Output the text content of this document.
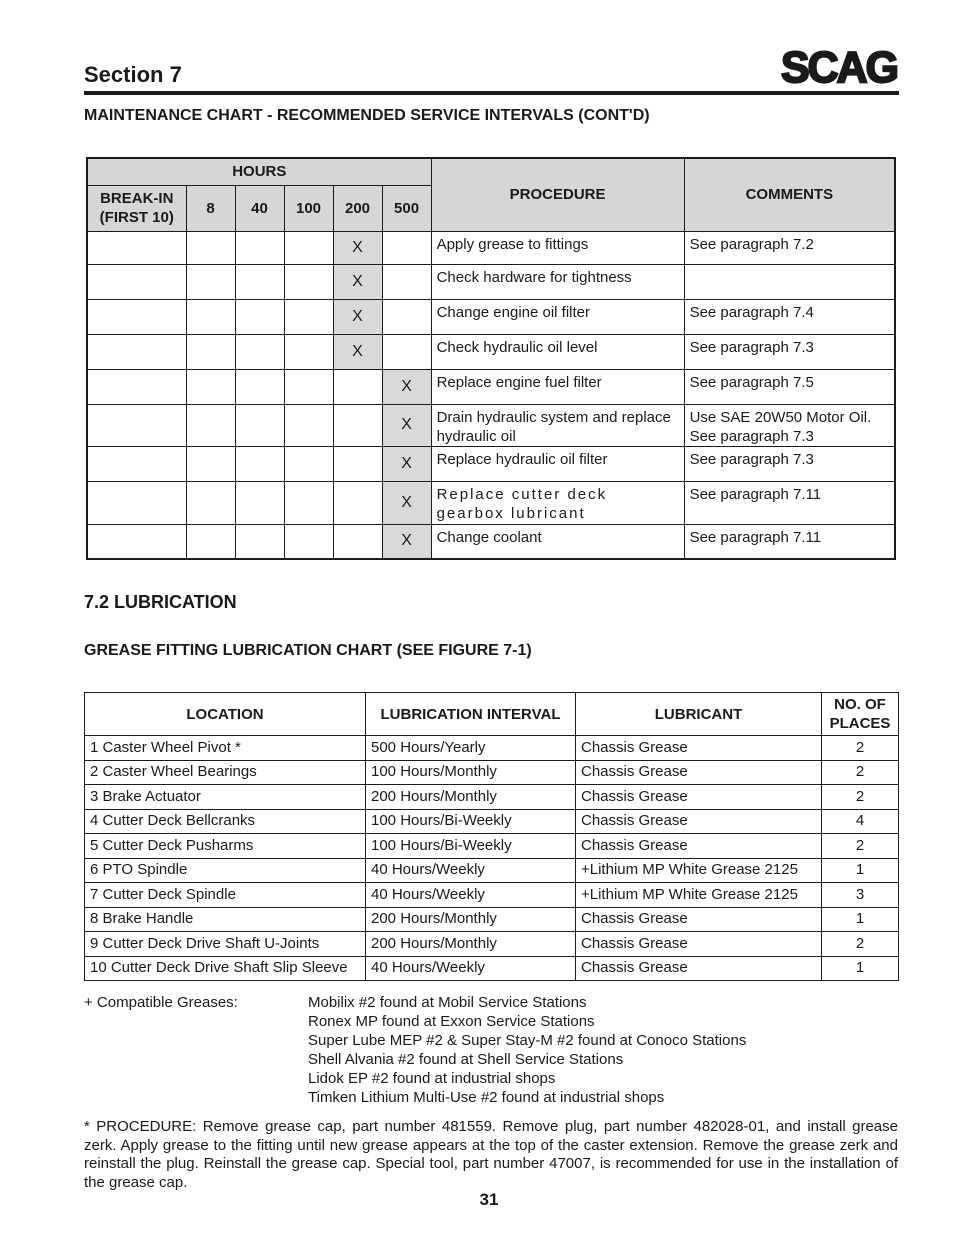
Section 7	SCAG
MAINTENANCE CHART - RECOMMENDED SERVICE INTERVALS (CONT'D)
HOURS						PROCEDURE	COMMENTS
BREAK-IN (FIRST 10)	8	40	100	200	500		
				X		Apply grease to fittings	See paragraph 7.2
				X		Check hardware for tightness	
				X		Change engine oil filter	See paragraph 7.4
				X		Check hydraulic oil level	See paragraph 7.3
					X	Replace engine fuel filter	See paragraph 7.5
					X	Drain hydraulic system and replace hydraulic oil	Use SAE 20W50 Motor Oil. See paragraph 7.3
					X	Replace hydraulic oil filter	See paragraph 7.3
					X	Replace cutter deck gearbox lubricant	See paragraph 7.11
					X	Change coolant	See paragraph 7.11
7.2 LUBRICATION
GREASE FITTING LUBRICATION CHART (SEE FIGURE 7-1)
LOCATION	LUBRICATION INTERVAL	LUBRICANT	NO. OF PLACES
1 Caster Wheel Pivot *	500 Hours/Yearly	Chassis Grease	2
2 Caster Wheel Bearings	100 Hours/Monthly	Chassis Grease	2
3 Brake Actuator	200 Hours/Monthly	Chassis Grease	2
4 Cutter Deck Bellcranks	100 Hours/Bi-Weekly	Chassis Grease	4
5 Cutter Deck Pusharms	100 Hours/Bi-Weekly	Chassis Grease	2
6 PTO Spindle	40 Hours/Weekly	+Lithium MP White Grease 2125	1
7 Cutter Deck Spindle	40 Hours/Weekly	+Lithium MP White Grease 2125	3
8 Brake Handle	200 Hours/Monthly	Chassis Grease	1
9 Cutter Deck Drive Shaft U-Joints	200 Hours/Monthly	Chassis Grease	2
10 Cutter Deck Drive Shaft Slip Sleeve	40 Hours/Weekly	Chassis Grease	1
+ Compatible Greases:	Mobilix #2 found at Mobil Service Stations
Ronex MP found at Exxon Service Stations
Super Lube MEP #2 & Super Stay-M #2 found at Conoco Stations
Shell Alvania #2 found at Shell Service Stations
Lidok EP #2 found at industrial shops
Timken Lithium Multi-Use #2 found at industrial shops
* PROCEDURE: Remove grease cap, part number 481559. Remove plug, part number 482028-01, and install grease zerk. Apply grease to the fitting until new grease appears at the top of the caster extension. Remove the grease zerk and reinstall the plug. Reinstall the grease cap. Special tool, part number 47007, is recommended for use in the installation of the grease cap.
31
